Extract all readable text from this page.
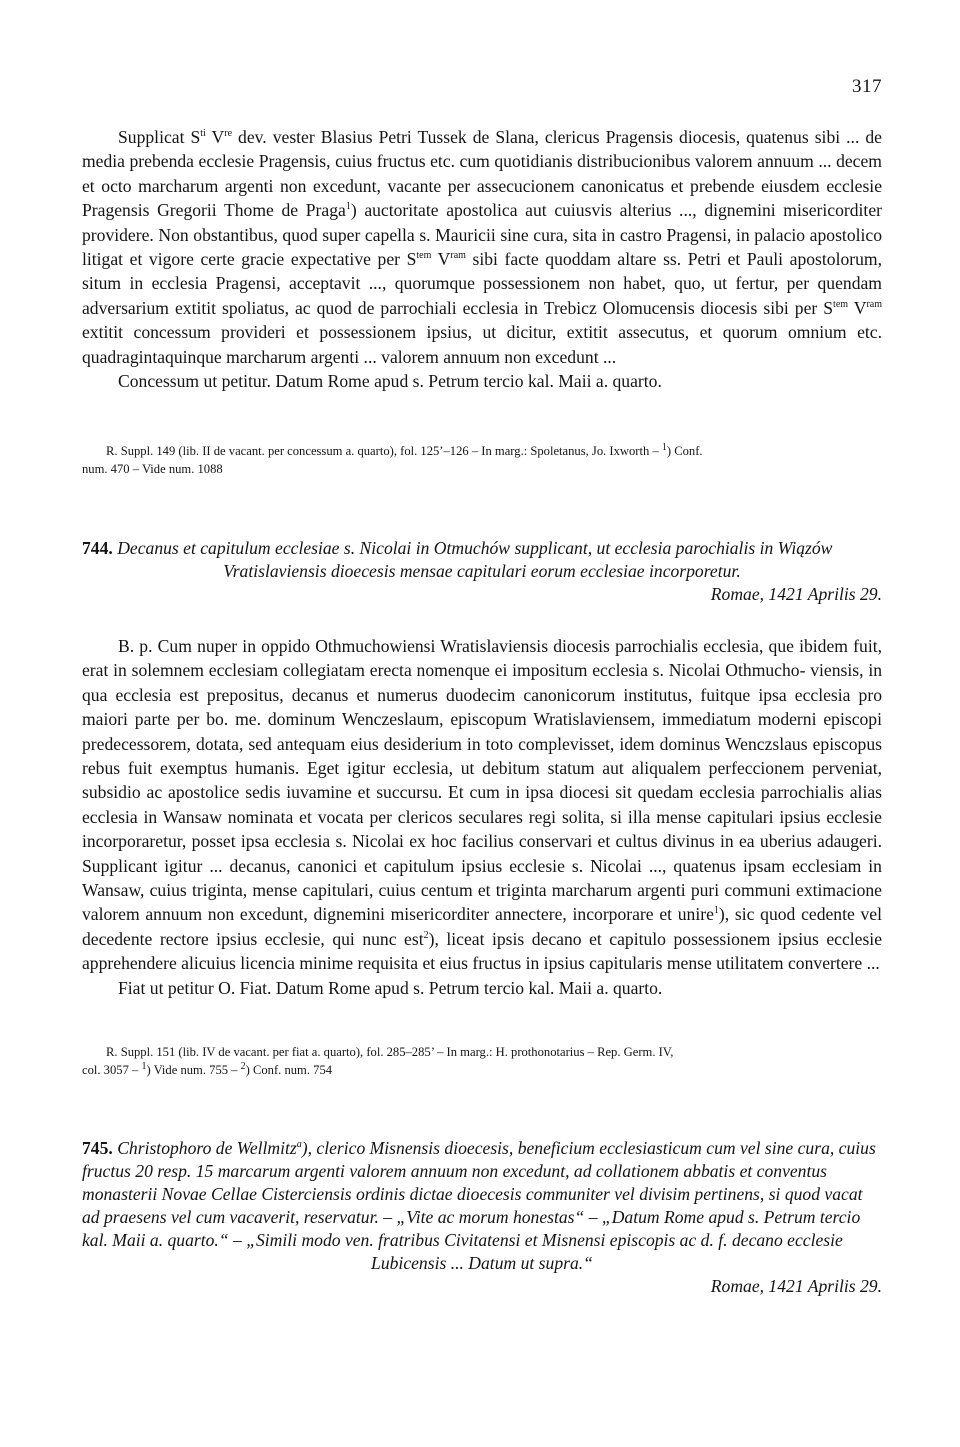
317

Supplicat $S^{ti}$ Vre dev. vester Blasius Petri Tussek de Slana, clericus Pragensis diocesis, quatenus sibi ... de media prebenda ecclesie Pragensis, cuius fructus etc. cum quotidianis distribucionibus valorem annuum ... decem et octo marcharum argenti non excedunt, vacante per assecucionem canonicatus et prebende eiusdem ecclesie Pragensis Gregorii Thome de Praga$^1$) auctoritate apostolica aut cuiusvis alterius ..., dignemini misericorditer providere. Non obstantibus, quod super capella s. Mauricii sine cura, sita in castro Pragensi, in palacio apostolico litigat et vigore certe gracie expectative per $S^{tem}$ $V^{ram}$ sibi facte quoddam altare ss. Petri et Pauli apostolorum, situm in ecclesia Pragensi, acceptavit ..., quorumque possessionem non habet, quo, ut fertur, per quendam adversarium extitit spoliatus, ac quod de parrochiali ecclesia in Trebicz Olomucensis diocesis sibi per $S^{tem}$ $V^{ram}$ extitit concessum provideri et possessionem ipsius, ut dicitur, extitit assecutus, et quorum omnium etc. quadragintaquinque marcharum argenti ... valorem annuum non excedunt ...

Concessum ut petitur. Datum Rome apud s. Petrum tercio kal. Maii a. quarto.

R. Suppl. 149 (lib. II de vacant. per concessum a. quarto), fol. 125’–126 – In marg.: Spoletanus, Jo. Ixworth – $^1$) Conf.
num. 470 – Vide num. 1088
744. Decanus et capitulum ecclesiae s. Nicolai in Otmuchów supplicant, ut ecclesia parochialis in Wiązów
Vratislaviensis dioecesis mensae capitulari eorum ecclesiae incorporetur.
Romae, 1421 Aprilis 29.

B. p. Cum nuper in oppido Othmuchowiensi Wratislaviensis diocesis parrochialis ecclesia, que ibidem fuit, erat in solemnem ecclesiam collegiatam erecta nomenque ei impositum ecclesia s. Nicolai Othmucho- viensis, in qua ecclesia est prepositus, decanus et numerus duodecim canonicorum institutus, fuitque ipsa ecclesia pro maiori parte per bo. me. dominum Wenczeslaum, episcopum Wratislaviensem, immediatum moderni episcopi predecessorem, dotata, sed antequam eius desiderium in toto complevisset, idem dominus Wenczslaus episcopus rebus fuit exemptus humanis. Eget igitur ecclesia, ut debitum statum aut aliqualem perfeccionem perveniat, subsidio ac apostolice sedis iuvamine et succursu. Et cum in ipsa diocesi sit quedam ecclesia parrochialis alias ecclesia in Wansaw nominata et vocata per clericos seculares regi solita, si illa mense capitulari ipsius ecclesie incorporaretur, posset ipsa ecclesia s. Nicolai ex hoc facilius conservari et cultus divinus in ea uberius adaugeri. Supplicant igitur ... decanus, canonici et capitulum ipsius ecclesie s. Nicolai ..., quatenus ipsam ecclesiam in Wansaw, cuius triginta, mense capitulari, cuius centum et triginta marcharum argenti puri communi extimacione valorem annuum non excedunt, dignemini misericorditer annectere, incorporare et unire$^1$), sic quod cedente vel decedente rectore ipsius ecclesie, qui nunc est$^2$), liceat ipsis decano et capitulo possessionem ipsius ecclesie apprehendere alicuius licencia minime requisita et eius fructus in ipsius capitularis mense utilitatem convertere ...

Fiat ut petitur O. Fiat. Datum Rome apud s. Petrum tercio kal. Maii a. quarto.

R. Suppl. 151 (lib. IV de vacant. per fiat a. quarto), fol. 285–285’ – In marg.: H. prothonotarius – Rep. Germ. IV,
col. 3057 – $^1$) Vide num. 755 – $^2$) Conf. num. 754
745. Christophoro de Wellmitz$^a$), clerico Misnensis dioecesis, beneficium ecclesiasticum cum vel sine cura, cuius
fructus 20 resp. 15 marcarum argenti valorem annuum non excedunt, ad collationem abbatis et conventus
monasterii Novae Cellae Cisterciensis ordinis dictae dioecesis communiter vel divisim pertinens, si quod vacat
ad praesens vel cum vacaverit, reservatur. – „Vite ac morum honestas“ – „Datum Rome apud s. Petrum tercio
kal. Maii a. quarto.“ – „Simili modo ven. fratribus Civitatensi et Misnensi episcopis ac d. f. decano ecclesie
Lubicensis ... Datum ut supra.“
Romae, 1421 Aprilis 29.
